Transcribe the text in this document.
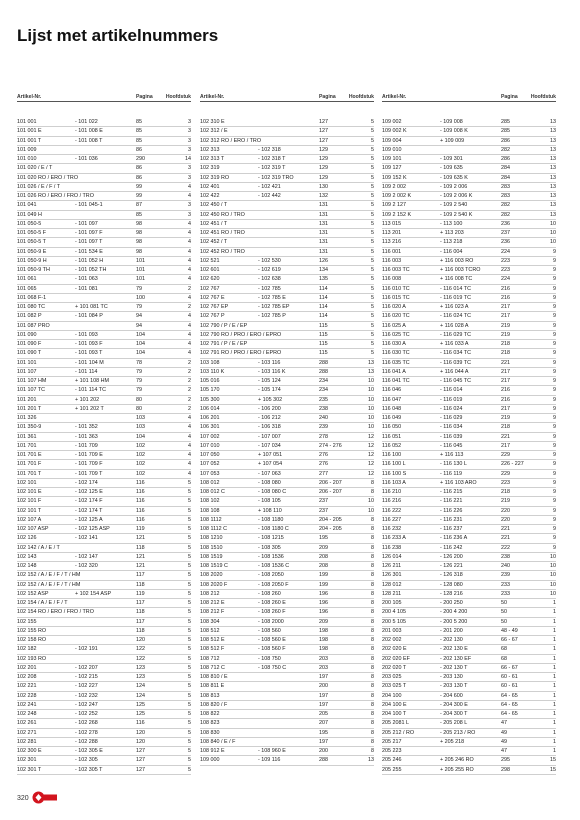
Lijst met artikelnummers
Artikel-Nr.	Pagina	Hoofdstuk
101 001	- 101 022	85	3
101 001 E	- 101 008 E	85	3
101 001 T	- 101 008 T	85	3
101 009	86	3
101 010	- 101 036	290	14
101 020 / E / T	86	3
101 020 RO / ERO / TRO	86	3
101 026 / E / F / T	99	4
101 026 RO / ERO / FRO / TRO	99	4
101 041	- 101 045-1	87	3
101 049 H	85	3
101 050-5	- 101 097	98	4
101 050-5 F	- 101 097 F	98	4
101 050-5 T	- 101 097 T	98	4
101 050-9 E	- 101 534 E	98	4
101 050-9 H	- 101 052 H	101	4
101 050-9 TH	- 101 052 TH	101	4
101 061	- 101 063	101	4
101 065	- 101 081	79	2
101 068 F-1	100	4
101 080 TC	+ 101 081 TC	79	2
101 082 P	- 101 084 P	94	4
101 087 PRO	94	4
101 090	- 101 093	104	4
101 090 F	- 101 093 F	104	4
101 090 T	- 101 093 T	104	4
101 101	- 101 104 M	78	2
101 107	- 101 114	79	2
101 107 HM	+ 101 108 HM	79	2
101 107 TC	- 101 114 TC	79	2
101 201	+ 101 202	80	2
101 201 T	+ 101 202 T	80	2
101 326	103	4
101 350-9	- 101 352	103	4
101 361	- 101 363	104	4
101 701	- 101 709	102	4
101 701 E	- 101 709 E	102	4
101 701 F	- 101 709 F	102	4
101 701 T	- 101 709 T	102	4
102 101	- 102 174	116	5
102 101 E	- 102 125 E	116	5
102 101 F	- 102 174 F	116	5
102 101 T	- 102 174 T	116	5
102 107 A	- 102 125 A	116	5
102 107 ASP	- 102 125 ASP	119	5
102 126	- 102 141	121	5
102 142 / A / E / T	118	5
102 143	- 102 147	121	5
102 148	- 102 320	121	5
102 152 / A / E / F / T / HM	117	5
102 152 / A / E / F / T / HM	118	5
102 152 ASP	+ 102 154 ASP	119	5
102 154 / A / E / F / T	117	5
102 154 RO / ERO / FRO / TRO	118	5
102 155	117	5
102 155 RO	118	5
102 158 RO	120	5
102 182	- 102 191	122	5
102 193 RO	122	5
102 201	- 102 207	123	5
102 208	- 102 215	123	5
102 221	- 102 227	124	5
102 228	- 102 232	124	5
102 241	- 102 247	125	5
102 248	- 102 252	125	5
102 261	- 102 268	116	5
102 271	- 102 278	120	5
102 281	- 102 288	120	5
102 300 E	- 102 305 E	127	5
102 301	- 102 305	127	5
102 301 T	- 102 305 T	127	5
Artikel-Nr.	Pagina	Hoofdstuk
102 310 E	127	5
102 312 / E	127	5
102 312 RO / ERO / TRO	127	5
102 313	- 102 318	129	5
102 313 T	- 102 318 T	129	5
102 319	- 102 319 T	129	5
102 319 RO	- 102 319 TRO	129	5
102 401	- 102 421	130	5
102 422	- 102 442	132	5
102 450 / T	131	5
102 450 RO / TRO	131	5
102 451 / T	131	5
102 451 RO / TRO	131	5
102 452 / T	131	5
102 452 RO / TRO	131	5
102 521	- 102 530	126	5
102 601	- 102 619	134	5
102 620	- 102 638	135	5
102 767	- 102 785	114	5
102 767 E	- 102 785 E	114	5
102 767 EP	- 102 785 EP	114	5
102 767 P	- 102 785 P	114	5
102 790 / P / E / EP	115	5
102 790 RO / PRO / ERO / EPRO	115	5
102 791 / P / E / EP	115	5
102 791 RO / PRO / ERO / EPRO	115	5
103 108	- 103 116	288	13
103 110 K	- 103 116 K	288	13
105 016	- 105 124	234	10
105 170	- 105 174	234	10
105 300	+ 105 302	235	10
106 014	- 106 200	238	10
106 201	- 106 212	240	10
106 301	- 106 318	239	10
107 002	- 107 007	278	12
107 010	- 107 034	274 - 276	12
107 050	+ 107 051	276	12
107 052	+ 107 054	276	12
107 053	- 107 063	277	12
108 012	- 108 080	206 - 207	8
108 012 C	- 108 080 C	206 - 207	8
108 102	- 108 105	237	10
108 108	+ 108 110	237	10
108 1112	- 108 1180	204 - 205	8
108 1112 C	- 108 1180 C	204 - 205	8
108 1210	- 108 1215	195	8
108 1510	- 108 305	209	8
108 1519	- 108 1536	208	8
108 1519 C	- 108 1536 C	208	8
108 2020	- 108 2050	199	8
108 2020 F	- 108 2050 F	199	8
108 212	- 108 260	196	8
108 212 E	- 108 260 E	196	8
108 212 F	- 108 260 F	196	8
108 304	- 108 2000	209	8
108 512	- 108 560	198	8
108 512 E	- 108 560 E	198	8
108 512 F	- 108 560 F	198	8
108 712	- 108 750	203	8
108 712 C	- 108 750 C	203	8
108 810 / E	197	8
108 811 E	200	8
108 813	197	8
108 820 / F	197	8
108 822	205	8
108 823	207	8
108 830	195	8
108 840 / E / F	197	8
108 912 E	- 108 960 E	200	8
109 000	- 109 116	288	13
Artikel-Nr.	Pagina	Hoofdstuk
109 002	- 109 008	285	13
109 002 K	- 109 008 K	285	13
109 004	+ 109 009	286	13
109 010	282	13
109 101	- 109 301	286	13
109 127	- 109 635	284	13
109 152 K	- 109 635 K	284	13
109 2 002	- 109 2 006	283	13
109 2 002 K	- 109 2 006 K	283	13
109 2 127	- 109 2 540	282	13
109 2 152 K	- 109 2 540 K	282	13
113 015	- 113 100	236	10
113 201	+ 113 203	237	10
113 216	- 113 218	236	10
116 001	- 116 004	224	9
116 003	+ 116 003 RO	223	9
116 003 TC	+ 116 003 TCRO	223	9
116 008	+ 116 008 TC	224	9
116 010 TC	- 116 014 TC	216	9
116 015 TC	- 116 019 TC	216	9
116 020 A	+ 116 023 A	217	9
116 020 TC	- 116 024 TC	217	9
116 025 A	+ 116 028 A	219	9
116 025 TC	- 116 029 TC	219	9
116 030 A	+ 116 033 A	218	9
116 030 TC	- 116 034 TC	218	9
116 035 TC	- 116 039 TC	221	9
116 041 A	+ 116 044 A	217	9
116 041 TC	- 116 045 TC	217	9
116 046	- 116 014	216	9
116 047	- 116 019	216	9
116 048	- 116 024	217	9
116 049	- 116 029	219	9
116 050	- 116 034	218	9
116 051	- 116 039	221	9
116 052	- 116 045	217	9
116 100	+ 116 113	229	9
116 100 L	- 116 130 L	226 - 227	9
116 100 S	- 116 119	229	9
116 103 A	+ 116 103 ARO	223	9
116 210	- 116 215	218	9
116 216	- 116 221	219	9
116 222	- 116 226	220	9
116 227	- 116 231	220	9
116 232	- 116 237	221	9
116 233 A	- 116 236 A	221	9
116 238	- 116 242	222	9
126 014	- 126 200	238	10
126 211	- 126 221	240	10
126 301	- 126 318	239	10
128 012	- 128 080	233	10
128 211	- 128 216	233	10
200 105	- 200 250	50	1
200 4 105	- 200 4 200	50	1
200 5 105	- 200 5 200	50	1
201 003	- 201 200	48 - 49	1
202 002	- 202 130	66 - 67	1
202 020 E	- 202 130 E	68	1
202 020 EF	- 202 130 EF	68	1
202 020 T	- 202 130 T	66 - 67	1
203 025	- 203 130	60 - 61	1
203 025 T	- 203 130 T	60 - 61	1
204 100	- 204 600	64 - 65	1
204 100 E	- 204 300 E	64 - 65	1
204 100 T	- 204 300 T	64 - 65	1
205 2081 L	- 205 208 L	47	1
205 212 / RO	- 205 213 / RO	49	1
205 217	+ 205 218	49	1
205 223	47	1
205 246	+ 205 246 RO	295	15
205 255	+ 205 255 RO	298	15
320
